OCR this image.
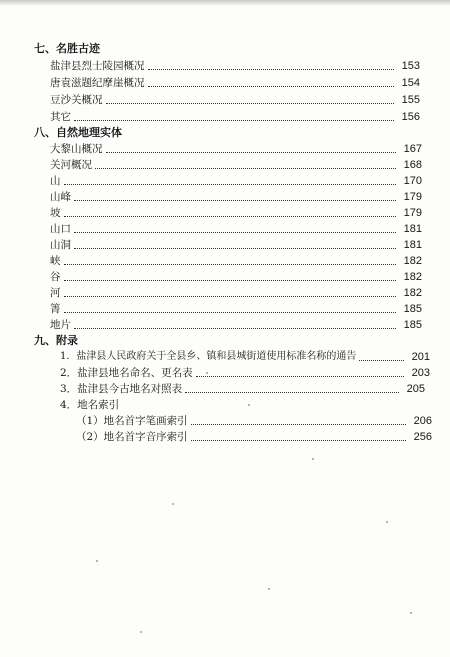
七、名胜古迹
盐津县烈士陵园概况	153
唐袁滋题纪摩崖概况	154
豆沙关概况	155
其它	156
八、自然地理实体
大黎山概况	167
关河概况	168
山	170
山峰	179
坡	179
山口	181
山洞	181
峡	182
谷	182
河	182
箐	185
地片	185
九、附录
1．盐津县人民政府关于全县乡、镇和县城街道使用标准名称的通告	201
2．盐津县地名命名、更名表	203
3．盐津县今古地名对照表	205
4．地名索引
（1）地名首字笔画索引	206
（2）地名首字音序索引	256
